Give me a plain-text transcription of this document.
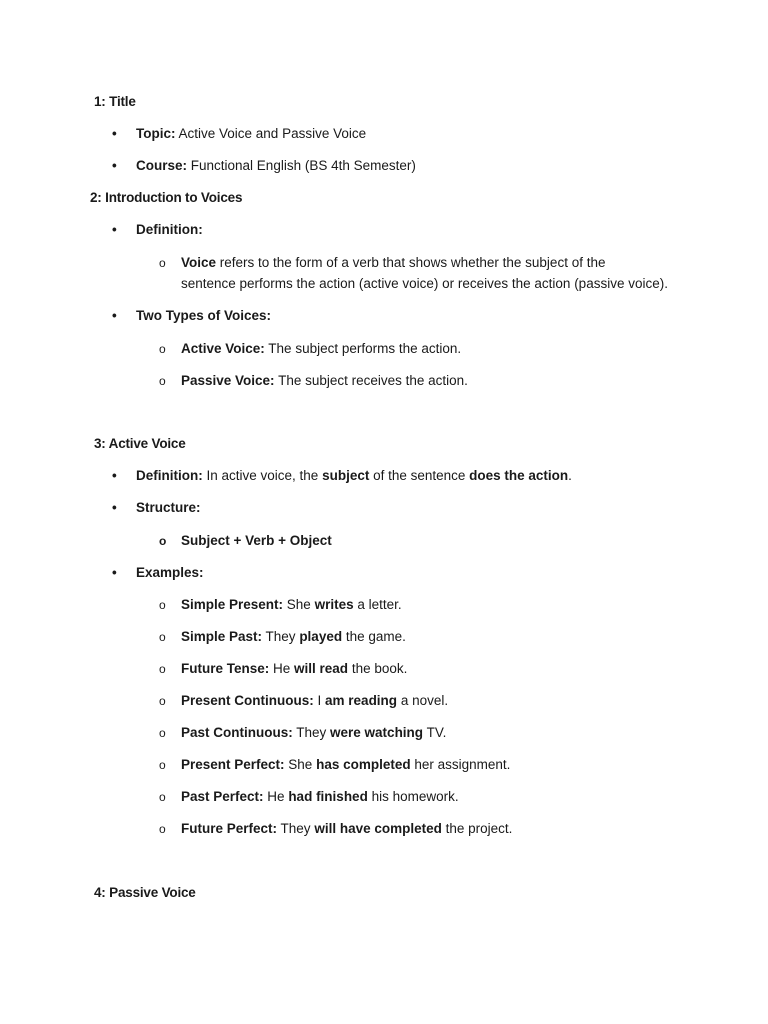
1: Title
• Topic: Active Voice and Passive Voice
• Course: Functional English (BS 4th Semester)
2: Introduction to Voices
• Definition:
o Voice refers to the form of a verb that shows whether the subject of the
sentence performs the action (active voice) or receives the action (passive voice).
• Two Types of Voices:
o Active Voice: The subject performs the action.
o Passive Voice: The subject receives the action.
3: Active Voice
• Definition: In active voice, the subject of the sentence does the action.
• Structure:
o Subject + Verb + Object
• Examples:
o Simple Present: She writes a letter.
o Simple Past: They played the game.
o Future Tense: He will read the book.
o Present Continuous: I am reading a novel.
o Past Continuous: They were watching TV.
o Present Perfect: She has completed her assignment.
o Past Perfect: He had finished his homework.
o Future Perfect: They will have completed the project.
4: Passive Voice
